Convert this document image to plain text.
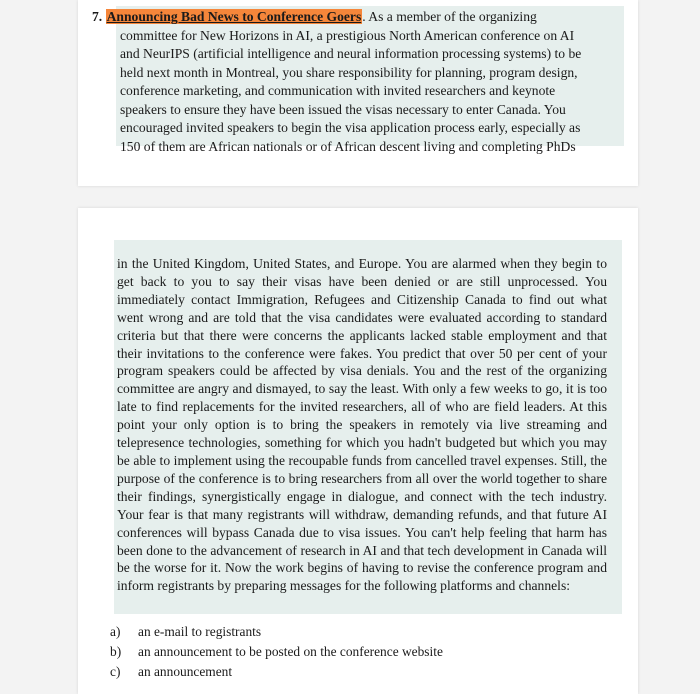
7. Announcing Bad News to Conference Goers. As a member of the organizing
committee for New Horizons in AI, a prestigious North American conference on AI
and NeurIPS (artificial intelligence and neural information processing systems) to be
held next month in Montreal, you share responsibility for planning, program design,
conference marketing, and communication with invited researchers and keynote
speakers to ensure they have been issued the visas necessary to enter Canada. You
encouraged invited speakers to begin the visa application process early, especially as
150 of them are African nationals or of African descent living and completing PhDs
in the United Kingdom, United States, and Europe. You are alarmed when they begin to get back to you to say their visas have been denied or are still unprocessed. You immediately contact Immigration, Refugees and Citizenship Canada to find out what went wrong and are told that the visa candidates were evaluated according to standard criteria but that there were concerns the applicants lacked stable employment and that their invitations to the conference were fakes. You predict that over 50 per cent of your program speakers could be affected by visa denials. You and the rest of the organizing committee are angry and dismayed, to say the least. With only a few weeks to go, it is too late to find replacements for the invited researchers, all of who are field leaders. At this point your only option is to bring the speakers in remotely via live streaming and telepresence technologies, something for which you hadn't budgeted but which you may be able to implement using the recoupable funds from cancelled travel expenses. Still, the purpose of the conference is to bring researchers from all over the world together to share their findings, synergistically engage in dialogue, and connect with the tech industry. Your fear is that many registrants will withdraw, demanding refunds, and that future AI conferences will bypass Canada due to visa issues. You can't help feeling that harm has been done to the advancement of research in AI and that tech development in Canada will be the worse for it. Now the work begins of having to revise the conference program and inform registrants by preparing messages for the following platforms and channels:
a)	an e-mail to registrants
b)	an announcement to be posted on the conference website
c)	an announcement
